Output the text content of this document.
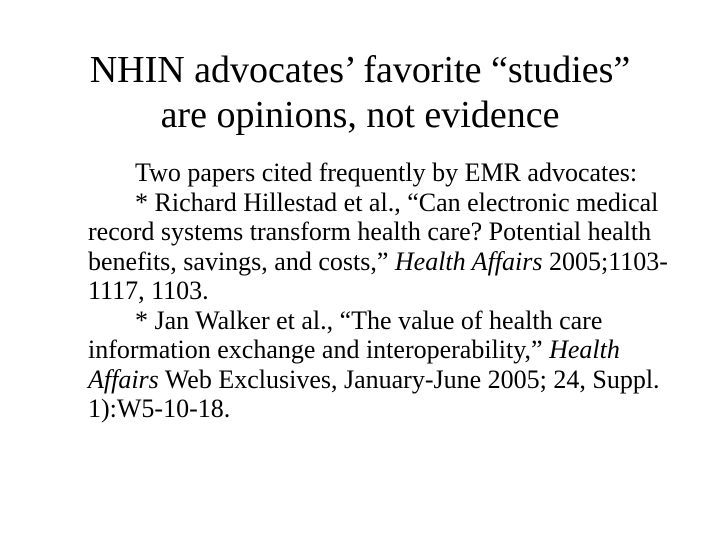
NHIN advocates’ favorite “studies”
are opinions, not evidence

Two papers cited frequently by EMR advocates:

* Richard Hillestad et al., “Can electronic medical record systems transform health care? Potential health benefits, savings, and costs,” Health Affairs 2005;1103-1117, 1103.

* Jan Walker et al., “The value of health care information exchange and interoperability,” Health Affairs Web Exclusives, January-June 2005; 24, Suppl. 1):W5-10-18.
